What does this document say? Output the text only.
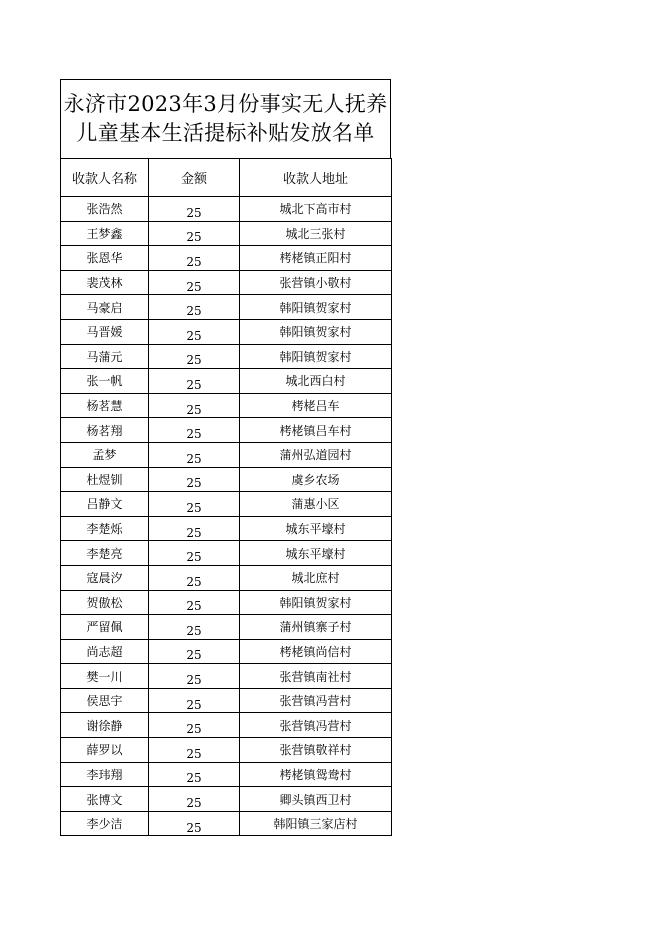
永济市2023年3月份事实无人抚养
儿童基本生活提标补贴发放名单
收款人名称	金额	收款人地址
张浩然	25	城北下高市村
王梦鑫	25	城北三张村
张恩华	25	栲栳镇正阳村
裴茂林	25	张营镇小敬村
马豪启	25	韩阳镇贺家村
马晋媛	25	韩阳镇贺家村
马蒲元	25	韩阳镇贺家村
张一帆	25	城北西白村
杨茗慧	25	栲栳吕车
杨茗翔	25	栲栳镇吕车村
孟梦	25	蒲州弘道园村
杜煜钏	25	虞乡农场
吕静文	25	蒲惠小区
李楚烁	25	城东平壕村
李楚亮	25	城东平壕村
寇晨汐	25	城北庶村
贺傲松	25	韩阳镇贺家村
严留佩	25	蒲州镇寨子村
尚志超	25	栲栳镇尚信村
樊一川	25	张营镇南社村
侯思宇	25	张营镇冯营村
谢徐静	25	张营镇冯营村
薛罗以	25	张营镇敬祥村
李玮翔	25	栲栳镇鸳鸯村
张博文	25	卿头镇西卫村
李少洁	25	韩阳镇三家店村
